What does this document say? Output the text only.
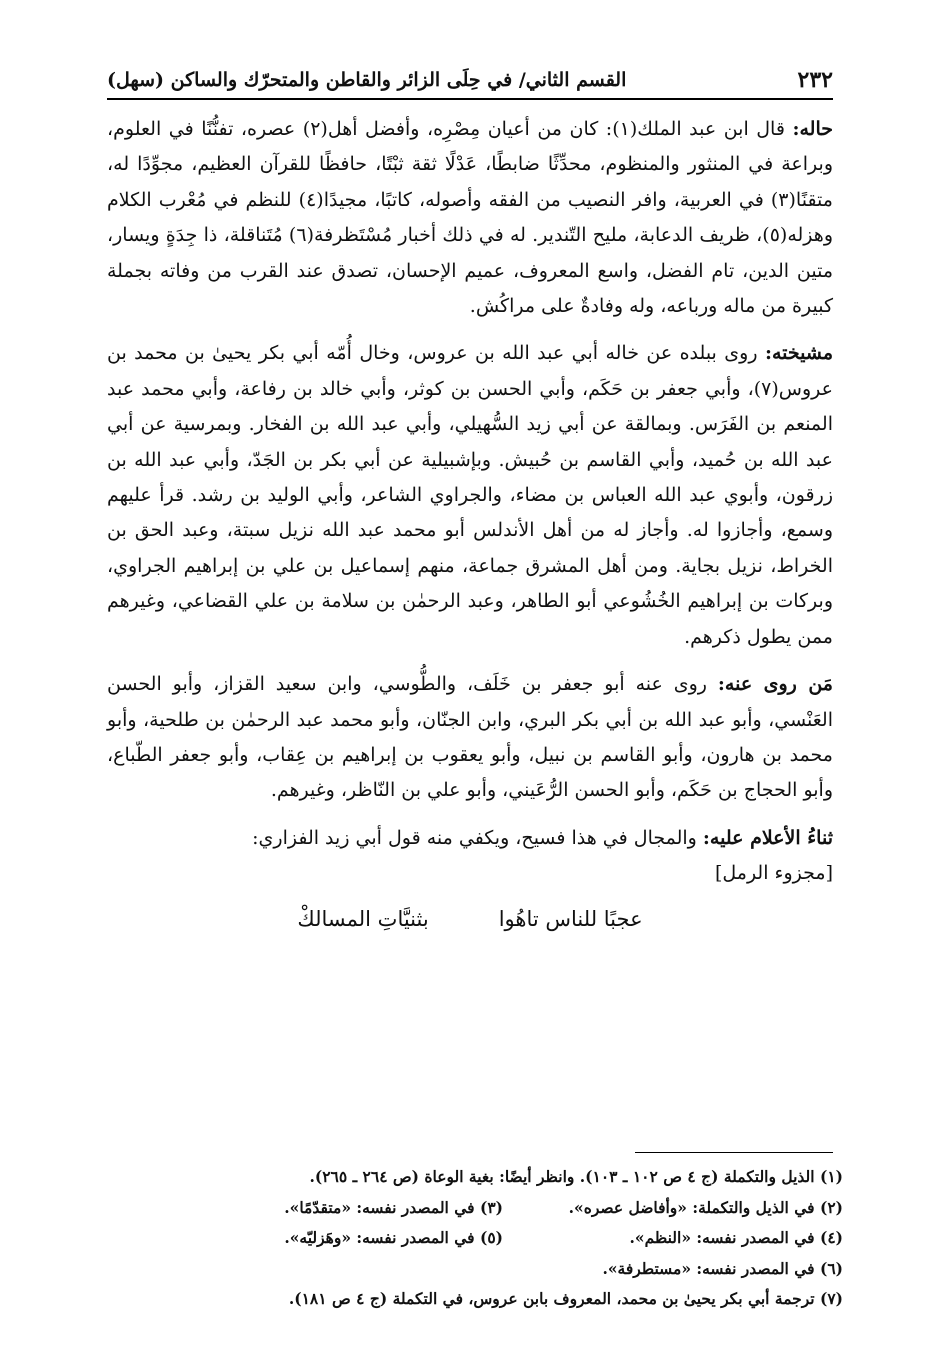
٢٣٢
القسم الثاني/ في حِلَى الزائر والقاطن والمتحرّك والساكن (سهل)

حاله: قال ابن عبد الملك(١): كان من أعيان مِصْرِه، وأفضل أهل(٢) عصره، تفنُّنًا في العلوم، وبراعة في المنثور والمنظوم، محدِّثًا ضابطًا، عَدْلًا ثقة ثبْتًا، حافظًا للقرآن العظيم، مجوِّدًا له، متقنًا(٣) في العربية، وافر النصيب من الفقه وأصوله، كاتبًا، مجيدًا(٤) للنظم في مُعْرب الكلام وهزله(٥)، ظريف الدعابة، مليح التّندير. له في ذلك أخبار مُسْتَظرفة(٦) مُتَناقلة، ذا جِدَةٍ ويسار، متين الدين، تام الفضل، واسع المعروف، عميم الإحسان، تصدق عند القرب من وفاته بجملة كبيرة من ماله ورباعه، وله وفادةٌ على مراكُش.

مشيخته: روى ببلده عن خاله أبي عبد الله بن عروس، وخال أُمّه أبي بكر يحيىٰ بن محمد بن عروس(٧)، وأبي جعفر بن حَكَم، وأبي الحسن بن كوثر، وأبي خالد بن رفاعة، وأبي محمد عبد المنعم بن الفَرَس. وبمالقة عن أبي زيد السُّهيلي، وأبي عبد الله بن الفخار. وبمرسية عن أبي عبد الله بن حُميد، وأبي القاسم بن حُبيش. وبإشبيلية عن أبي بكر بن الجَدّ، وأبي عبد الله بن زرقون، وأبوي عبد الله العباس بن مضاء، والجراوي الشاعر، وأبي الوليد بن رشد. قرأ عليهم وسمع، وأجازوا له. وأجاز له من أهل الأندلس أبو محمد عبد الله نزيل سبتة، وعبد الحق بن الخراط، نزيل بجاية. ومن أهل المشرق جماعة، منهم إسماعيل بن علي بن إبراهيم الجراوي، وبركات بن إبراهيم الخُشُوعي أبو الطاهر، وعبد الرحمٰن بن سلامة بن علي القضاعي، وغيرهم ممن يطول ذكرهم.

مَن روى عنه: روى عنه أبو جعفر بن خَلَف، والطُّوسي، وابن سعيد القزاز، وأبو الحسن العَنْسي، وأبو عبد الله بن أبي بكر البري، وابن الجنّان، وأبو محمد عبد الرحمٰن بن طلحية، وأبو محمد بن هارون، وأبو القاسم بن نبيل، وأبو يعقوب بن إبراهيم بن عِقاب، وأبو جعفر الطّباع، وأبو الحجاج بن حَكَم، وأبو الحسن الرُّعَيني، وأبو علي بن النّاظر، وغيرهم.

ثناءُ الأعلام عليه: والمجال في هذا فسيح، ويكفي منه قول أبي زيد الفزاري:
[مجزوء الرمل]

عجبًا للناس تاهُوا
بثنيَّاتِ المسالكْ
(١) الذيل والتكملة (ج ٤ ص ١٠٢ ـ ١٠٣). وانظر أيضًا: بغية الوعاة (ص ٢٦٤ ـ ٢٦٥).
(٢) في الذيل والتكملة: «وأفاضل عصره».
(٣) في المصدر نفسه: «متقدّمًا».
(٤) في المصدر نفسه: «النظم».
(٥) في المصدر نفسه: «وهَزليّه».
(٦) في المصدر نفسه: «مستطرفة».
(٧) ترجمة أبي بكر يحيىٰ بن محمد، المعروف بابن عروس، في التكملة (ج ٤ ص ١٨١).
